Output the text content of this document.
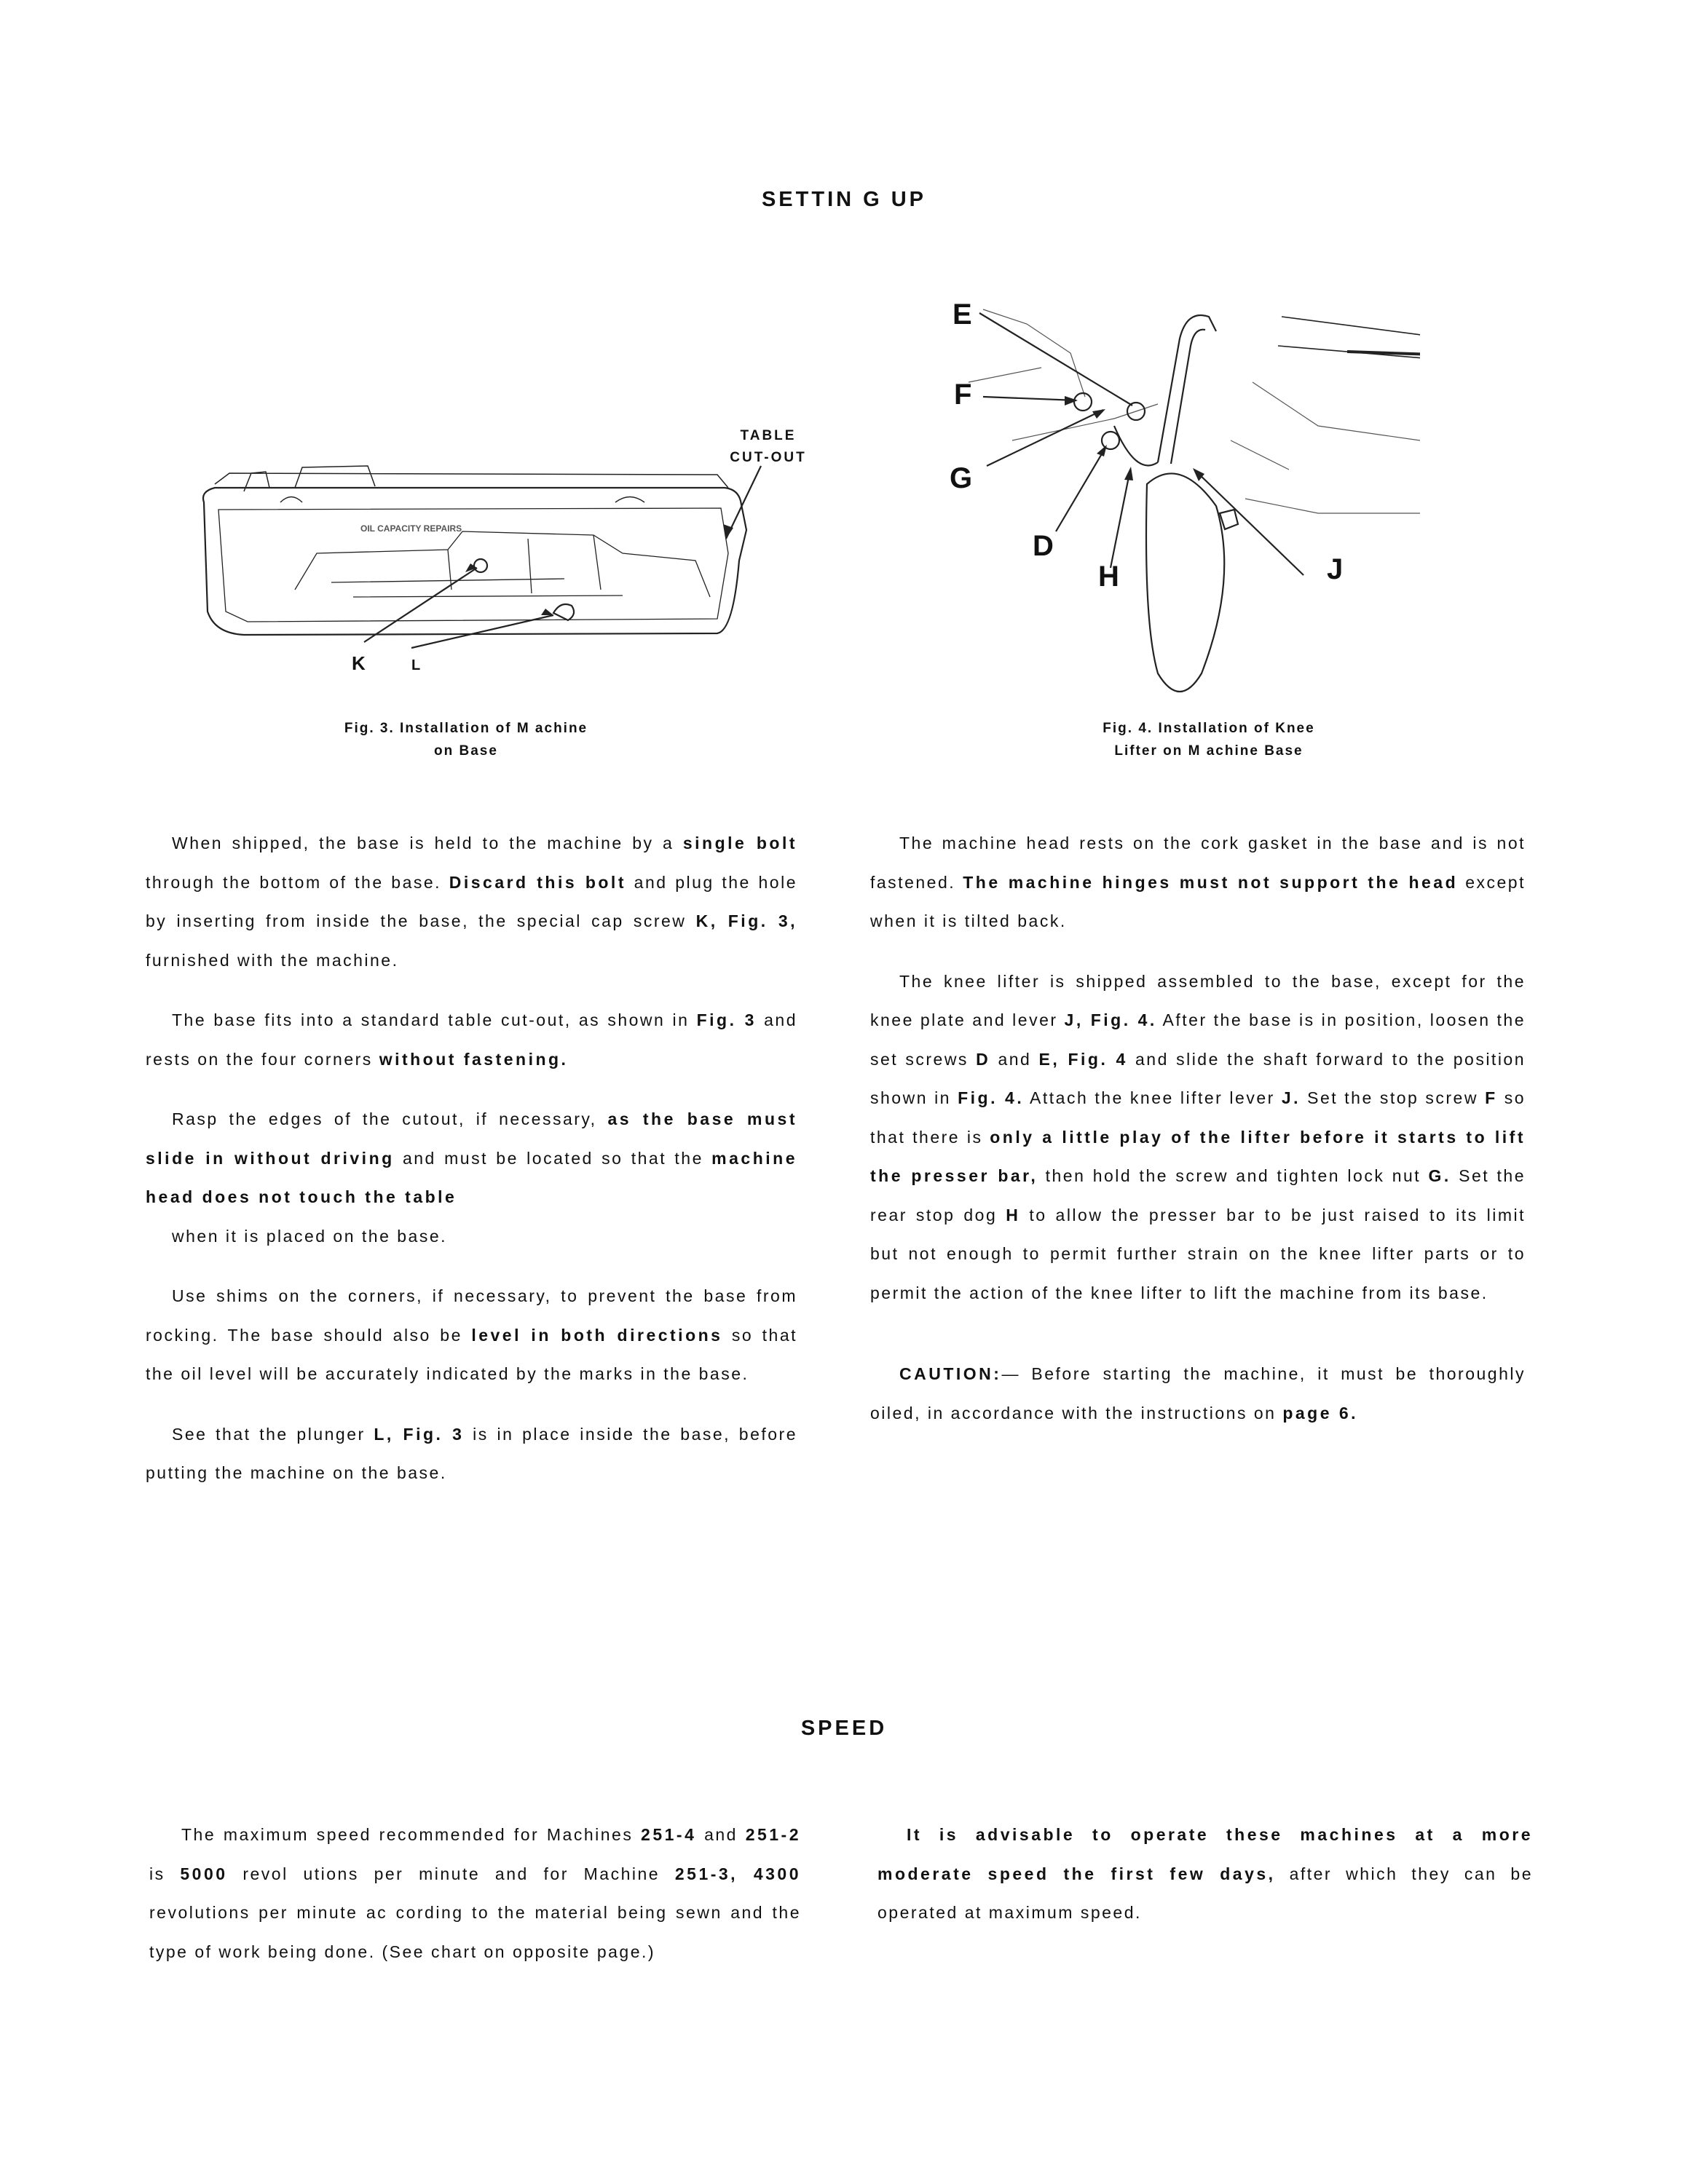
SETTIN G UP
OIL CAPACITY REPAIRS
TABLE
CUT-OUT
K	L
Fig. 3. Installation of M achine
on Base
E
F
G
D
H	J
Fig. 4. Installation of Knee
Lifter on M achine Base

When shipped, the base is held to the machine by a single bolt through the bottom of the base. Discard this bolt and plug the hole by inserting from inside the base, the special cap screw K, Fig. 3, furnished with the machine.

The base fits into a standard table cut-out, as shown in Fig. 3 and rests on the four corners without fastening.

Rasp the edges of the cutout, if necessary, as the base must slide in without driving and must be located so that the machine head does not touch the table
when it is placed on the base.

Use shims on the corners, if necessary, to prevent the base from rocking. The base should also be level in both directions so that the oil level will be accurately indicated by the marks in the base.

See that the plunger L, Fig. 3 is in place inside the base, before putting the machine on the base.

The machine head rests on the cork gasket in the base and is not fastened. The machine hinges must not support the head except when it is tilted back.

The knee lifter is shipped assembled to the base, except for the knee plate and lever J, Fig. 4. After the base is in position, loosen the set screws D and E, Fig. 4 and slide the shaft forward to the position shown in Fig. 4. Attach the knee lifter lever J. Set the stop screw F so that there is only a little play of the lifter before it starts to lift the presser bar, then hold the screw and tighten lock nut G. Set the rear stop dog H to allow the presser bar to be just raised to its limit but not enough to permit further strain on the knee lifter parts or to permit the action of the knee lifter to lift the machine from its base.

CAUTION:— Before starting the machine, it must be thoroughly oiled, in accordance with the instructions on page 6.

SPEED

The maximum speed recommended for Machines 251-4 and 251-2 is 5000 revol utions per minute and for Machine 251-3, 4300 revolutions per minute ac cording to the material being sewn and the type of work being done. (See chart on opposite page.)

It is advisable to operate these machines at a more moderate speed the first few days, after which they can be operated at maximum speed.
